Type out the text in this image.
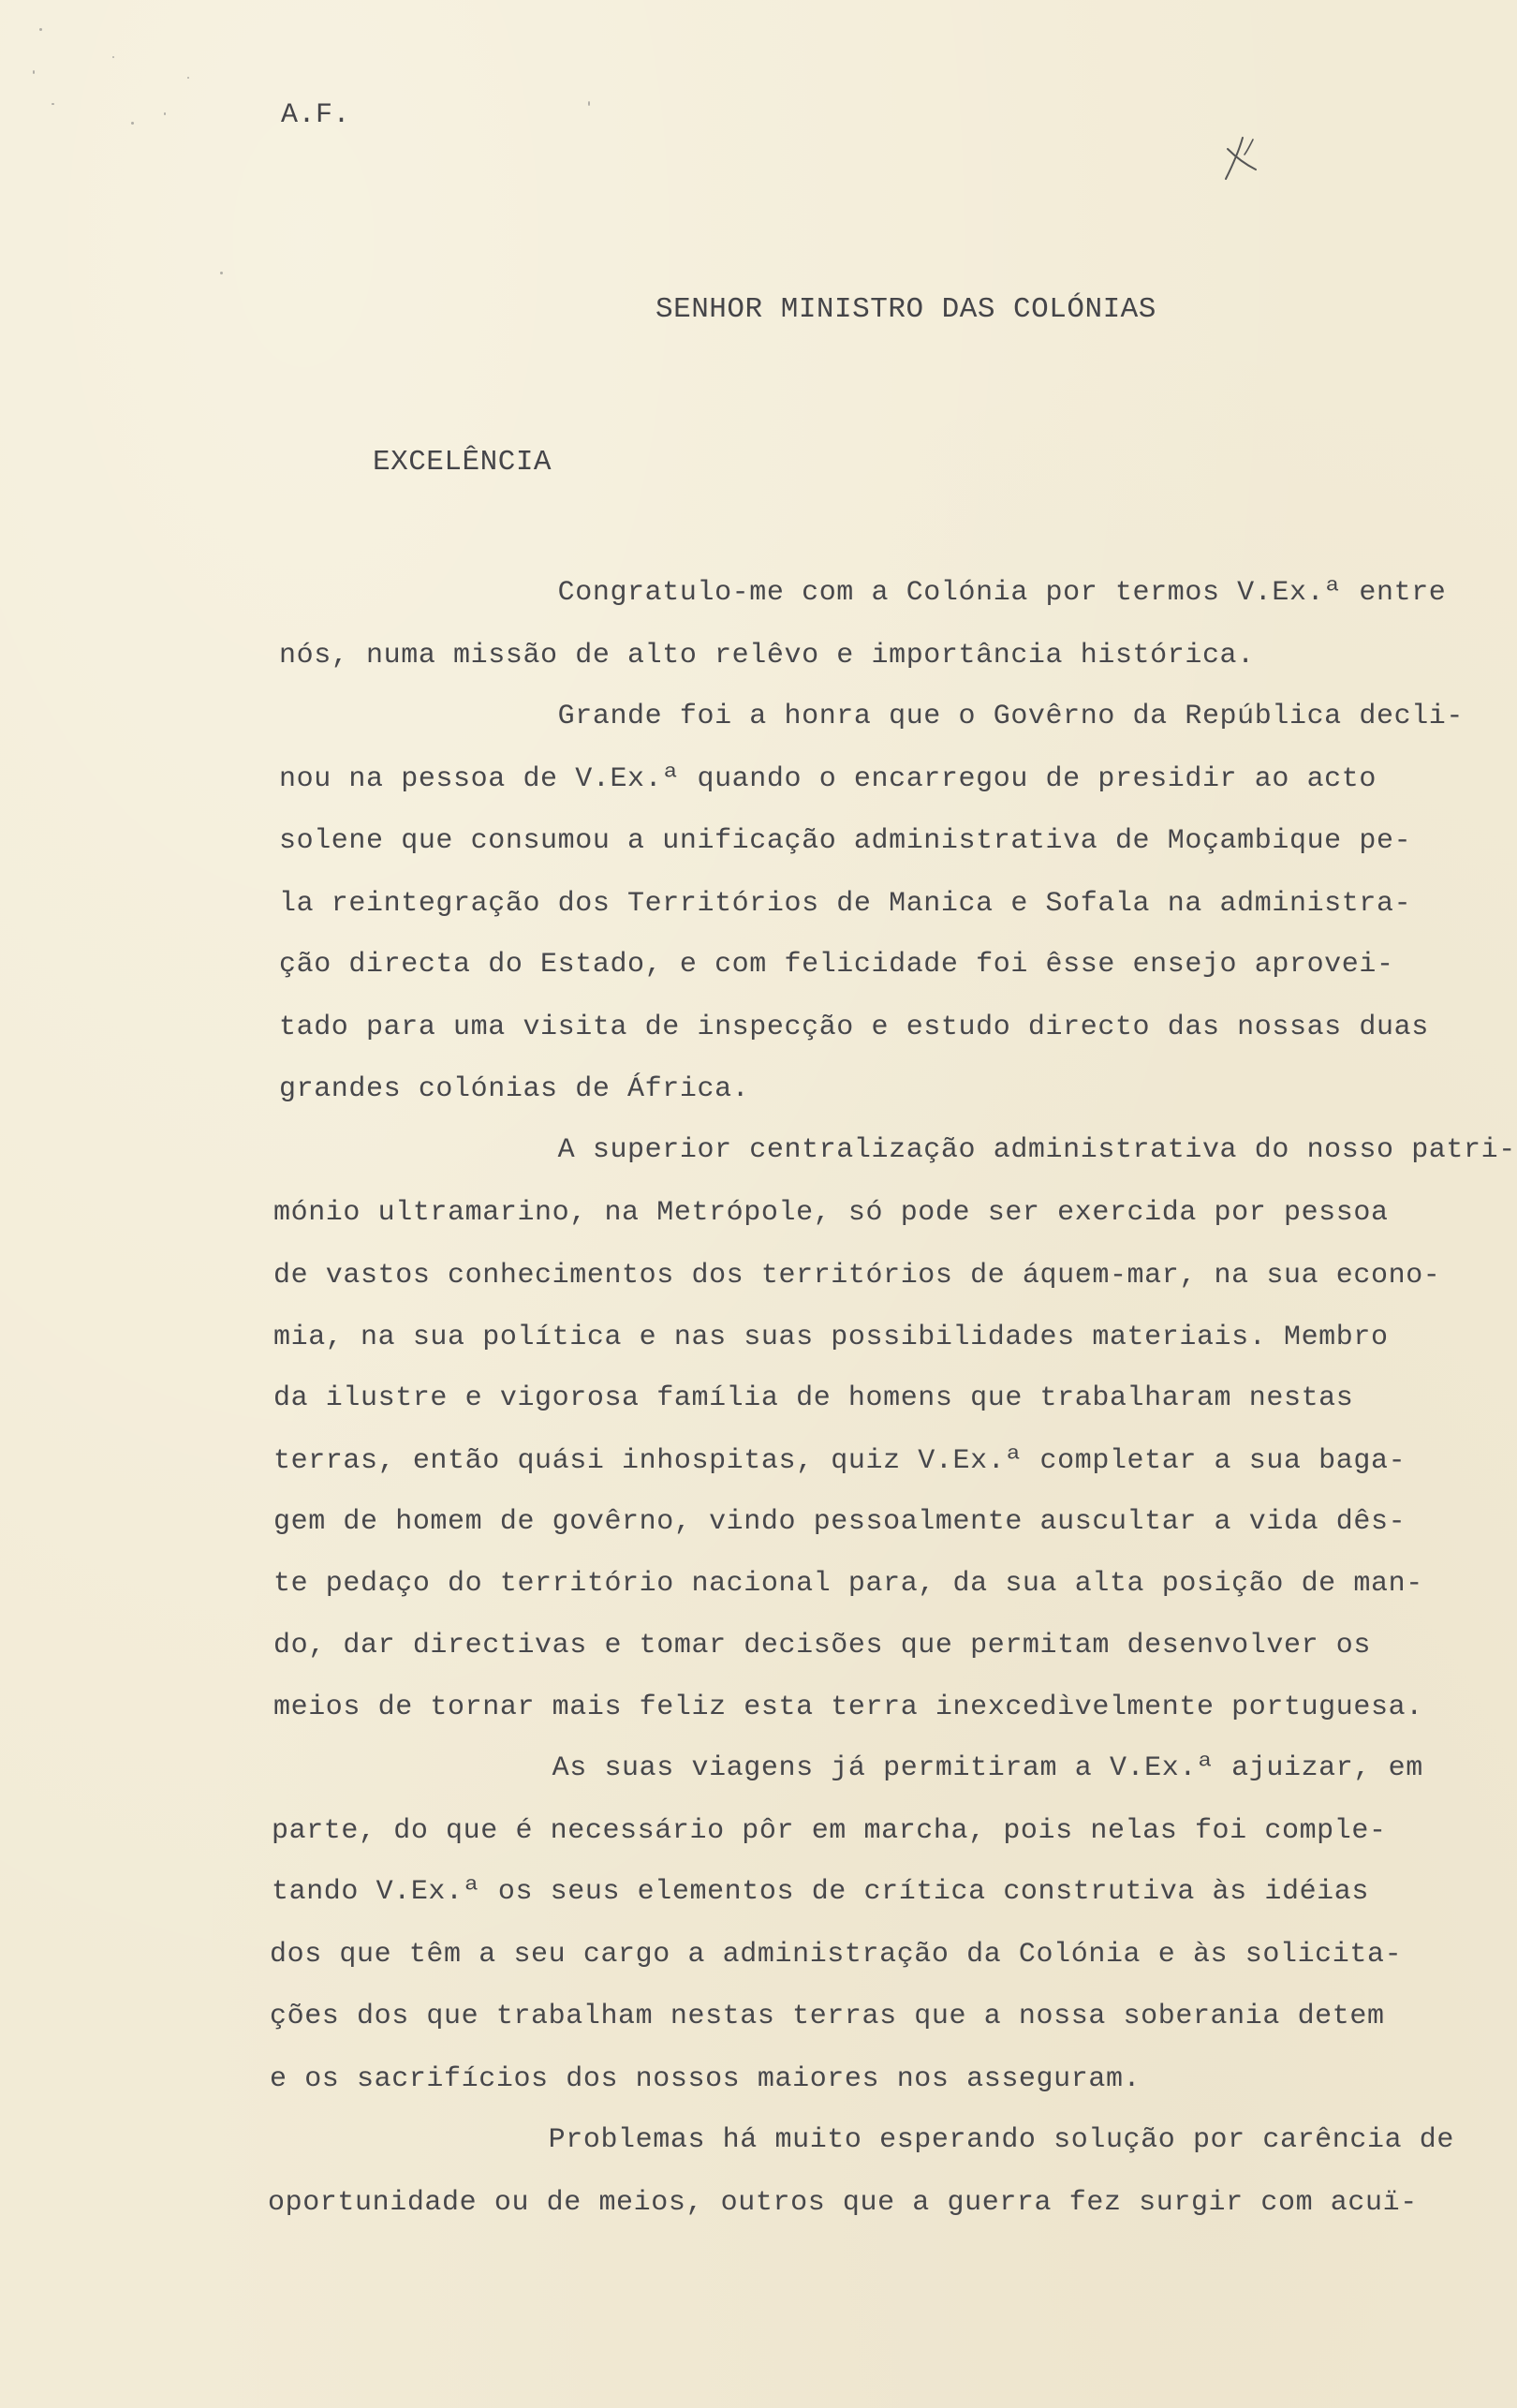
A.F.
SENHOR MINISTRO DAS COLÓNIAS
EXCELÊNCIA
Congratulo-me com a Colónia por termos V.Ex.ª entre
nós, numa missão de alto relêvo e importância histórica.
Grande foi a honra que o Govêrno da República decli-
nou na pessoa de V.Ex.ª quando o encarregou de presidir ao acto
solene que consumou a unificação administrativa de Moçambique pe-
la reintegração dos Territórios de Manica e Sofala na administra-
ção directa do Estado, e com felicidade foi êsse ensejo aprovei-
tado para uma visita de inspecção e estudo directo das nossas duas
grandes colónias de África.
A superior centralização administrativa do nosso patri-
mónio ultramarino, na Metrópole, só pode ser exercida por pessoa
de vastos conhecimentos dos territórios de áquem-mar, na sua econo-
mia, na sua política e nas suas possibilidades materiais. Membro
da ilustre e vigorosa família de homens que trabalharam nestas
terras, então quási inhospitas, quiz V.Ex.ª completar a sua baga-
gem de homem de govêrno, vindo pessoalmente auscultar a vida dês-
te pedaço do território nacional para, da sua alta posição de man-
do, dar directivas e tomar decisões que permitam desenvolver os
meios de tornar mais feliz esta terra inexcedìvelmente portuguesa.
As suas viagens já permitiram a V.Ex.ª ajuizar, em
parte, do que é necessário pôr em marcha, pois nelas foi comple-
tando V.Ex.ª os seus elementos de crítica construtiva às idéias
dos que têm a seu cargo a administração da Colónia e às solicita-
ções dos que trabalham nestas terras que a nossa soberania detem
e os sacrifícios dos nossos maiores nos asseguram.
Problemas há muito esperando solução por carência de
oportunidade ou de meios, outros que a guerra fez surgir com acuï-
